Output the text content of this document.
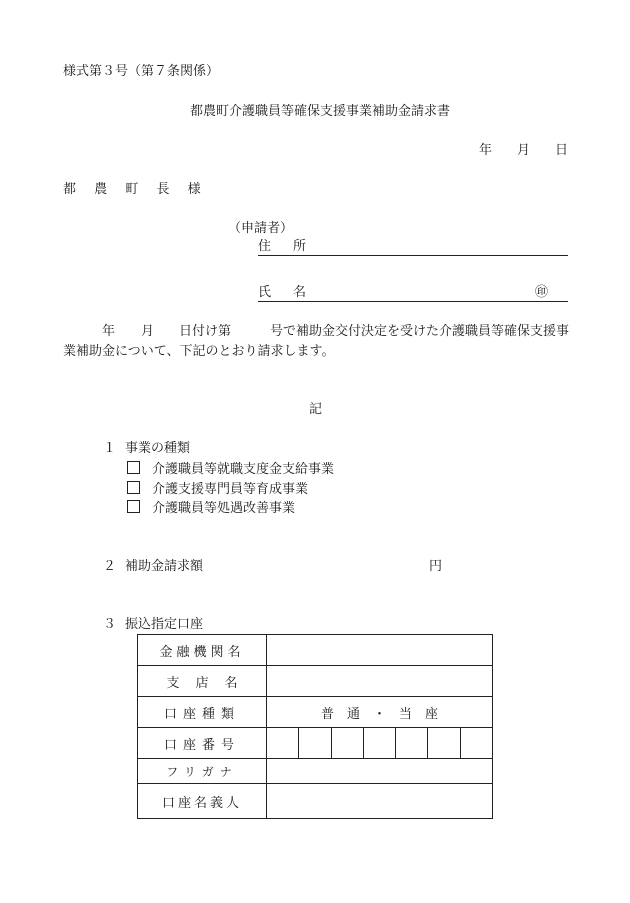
様式第３号（第７条関係）
都農町介護職員等確保支援事業補助金請求書
年 月 日
都 農 町 長 様
（申請者）
住 所
氏 名	㊞
年 月 日付け第	号で補助金交付決定を受けた介護職員等確保支援事
業補助金について、下記のとおり請求します。
記
１ 事業の種類
介護職員等就職支度金支給事業
介護支援専門員等育成事業
介護職員等処遇改善事業
２ 補助金請求額	円
３ 振込指定口座
金融機関名	
支 店 名	
口座種類	普　通　・　当　座
口座番号	

フリガナ	
口座名義人	
